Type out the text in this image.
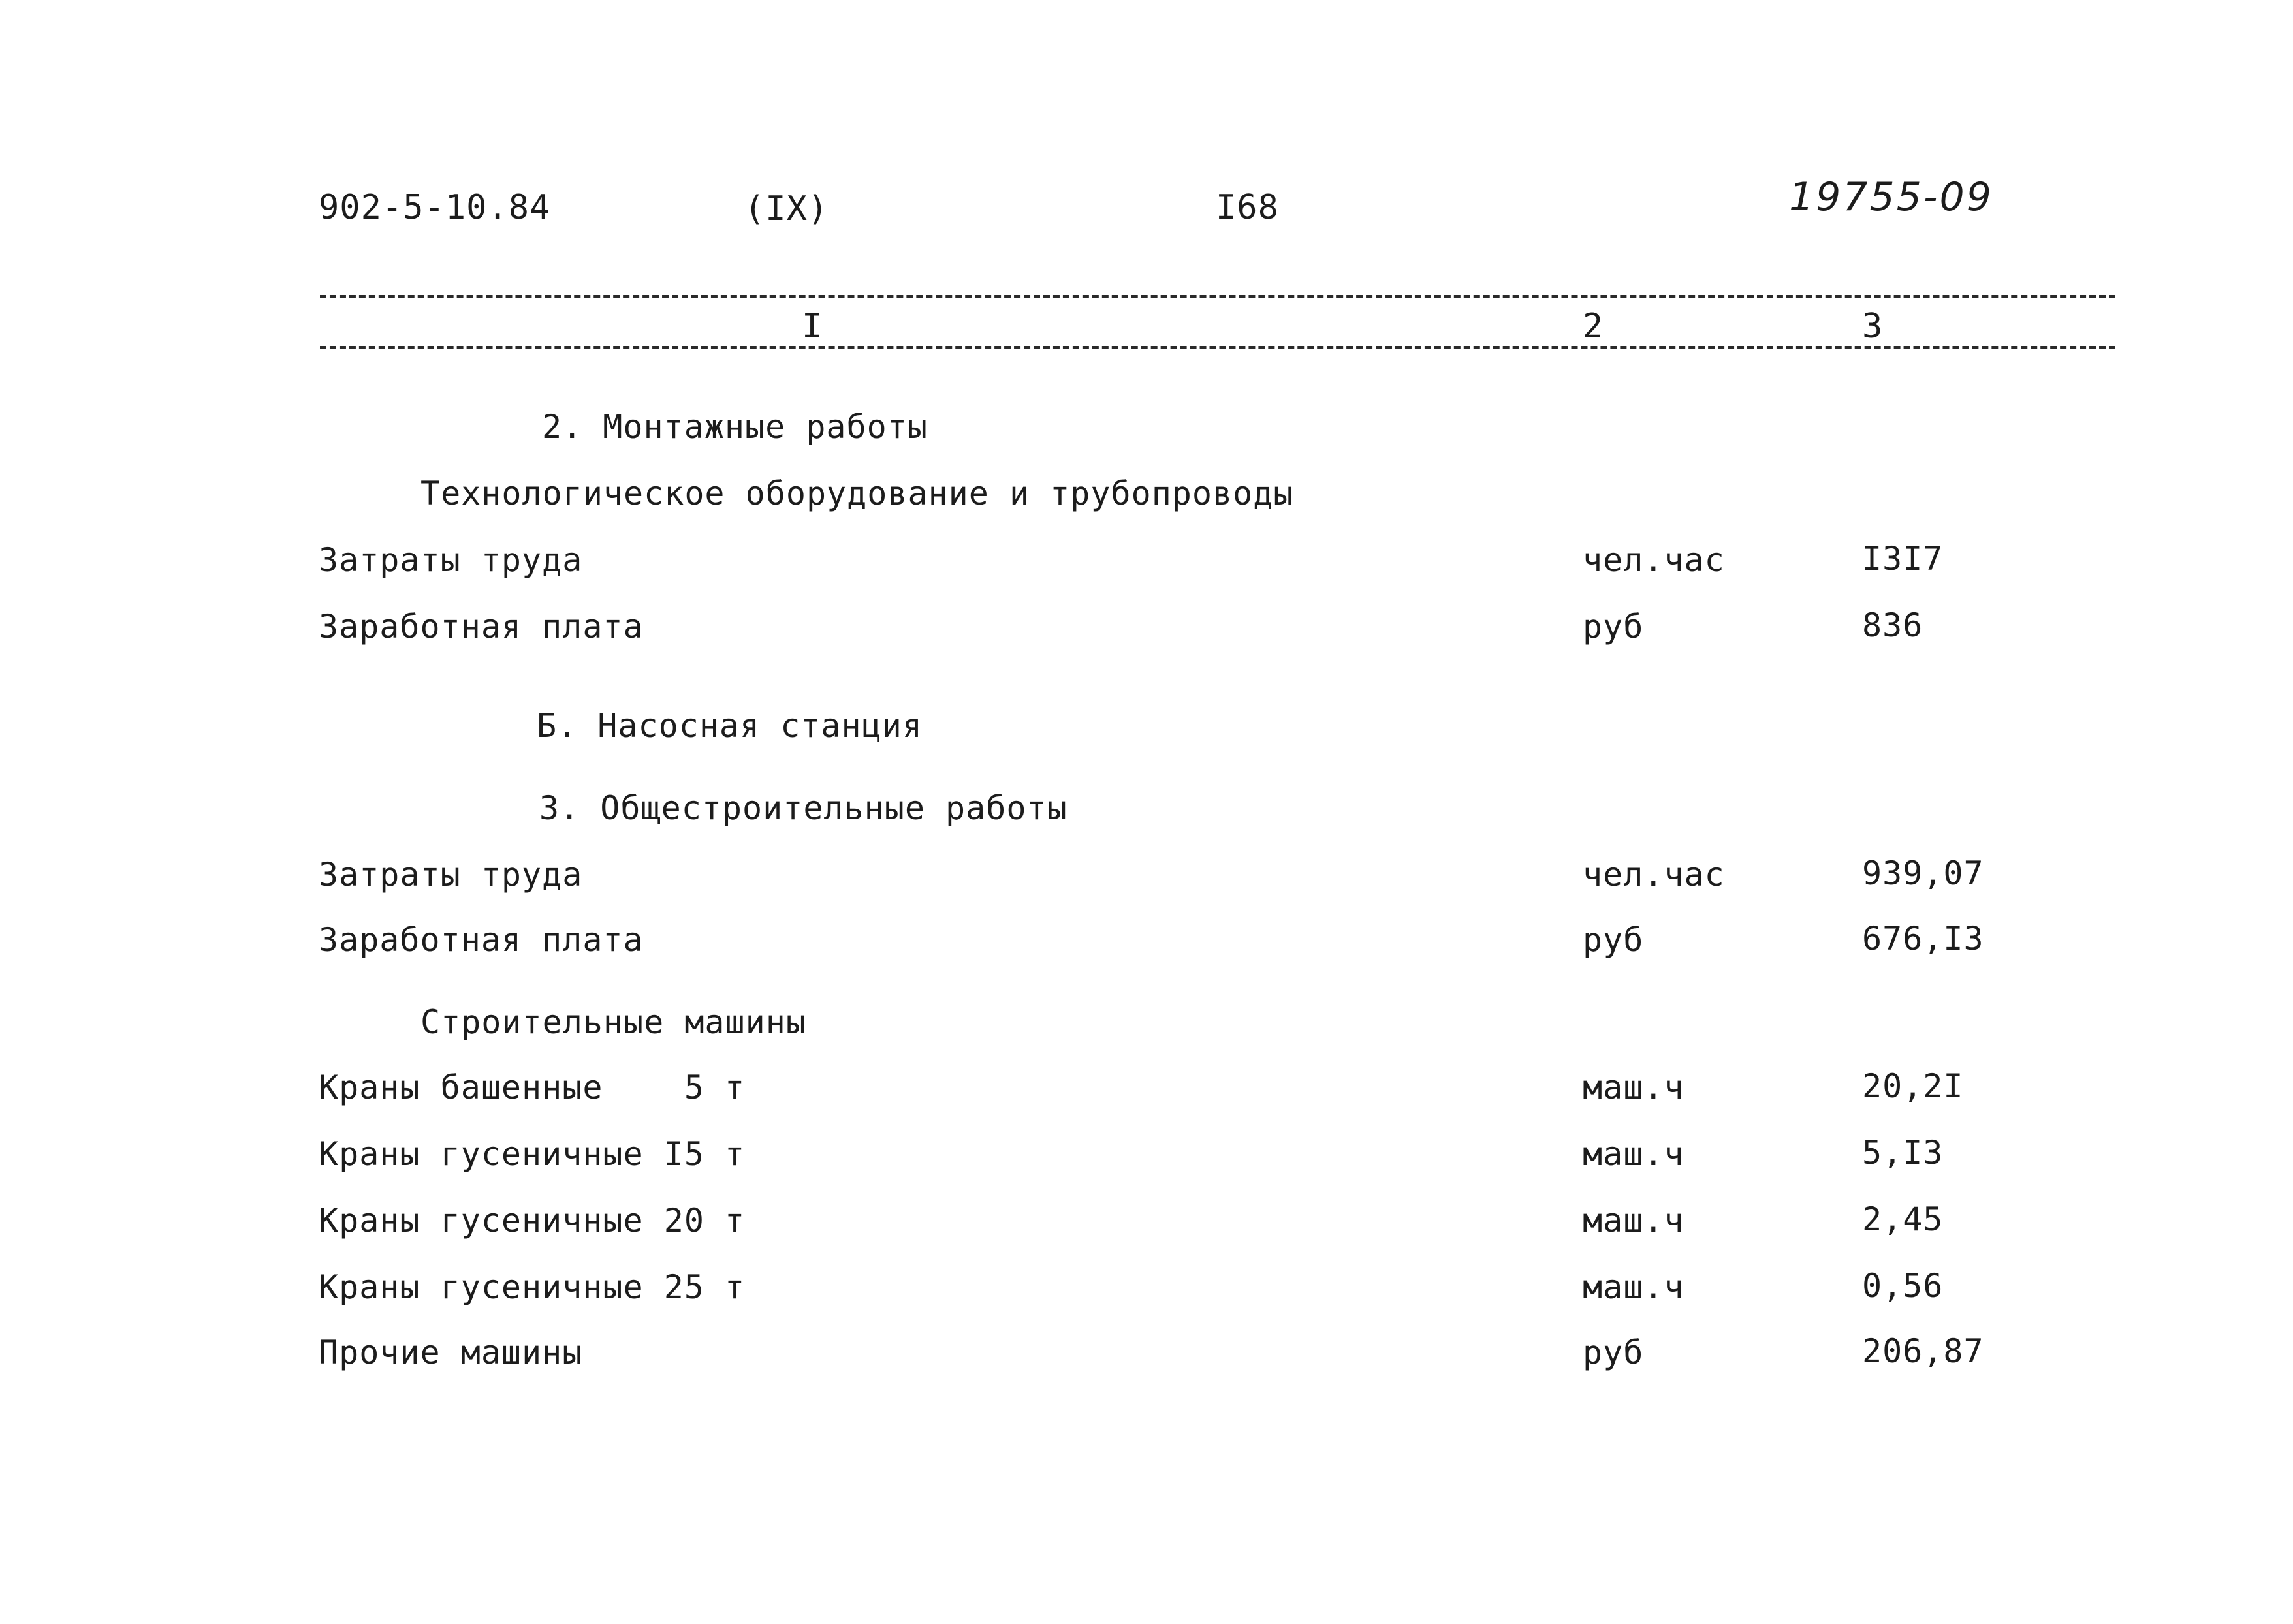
902-5-10.84	(IX)	I68	19755-09
I	2	3
2. Монтажные работы
Технологическое оборудование и трубопроводы
Затраты труда	чел.час	I3I7
Заработная плата	руб	836
Б. Насосная станция
3. Общестроительные работы
Затраты труда	чел.час	939,07
Заработная плата	руб	676,I3
Строительные машины
Краны башенные    5 т	маш.ч	20,2I
Краны гусеничные I5 т	маш.ч	5,I3
Краны гусеничные 20 т	маш.ч	2,45
Краны гусеничные 25 т	маш.ч	0,56
Прочие машины	руб	206,87
